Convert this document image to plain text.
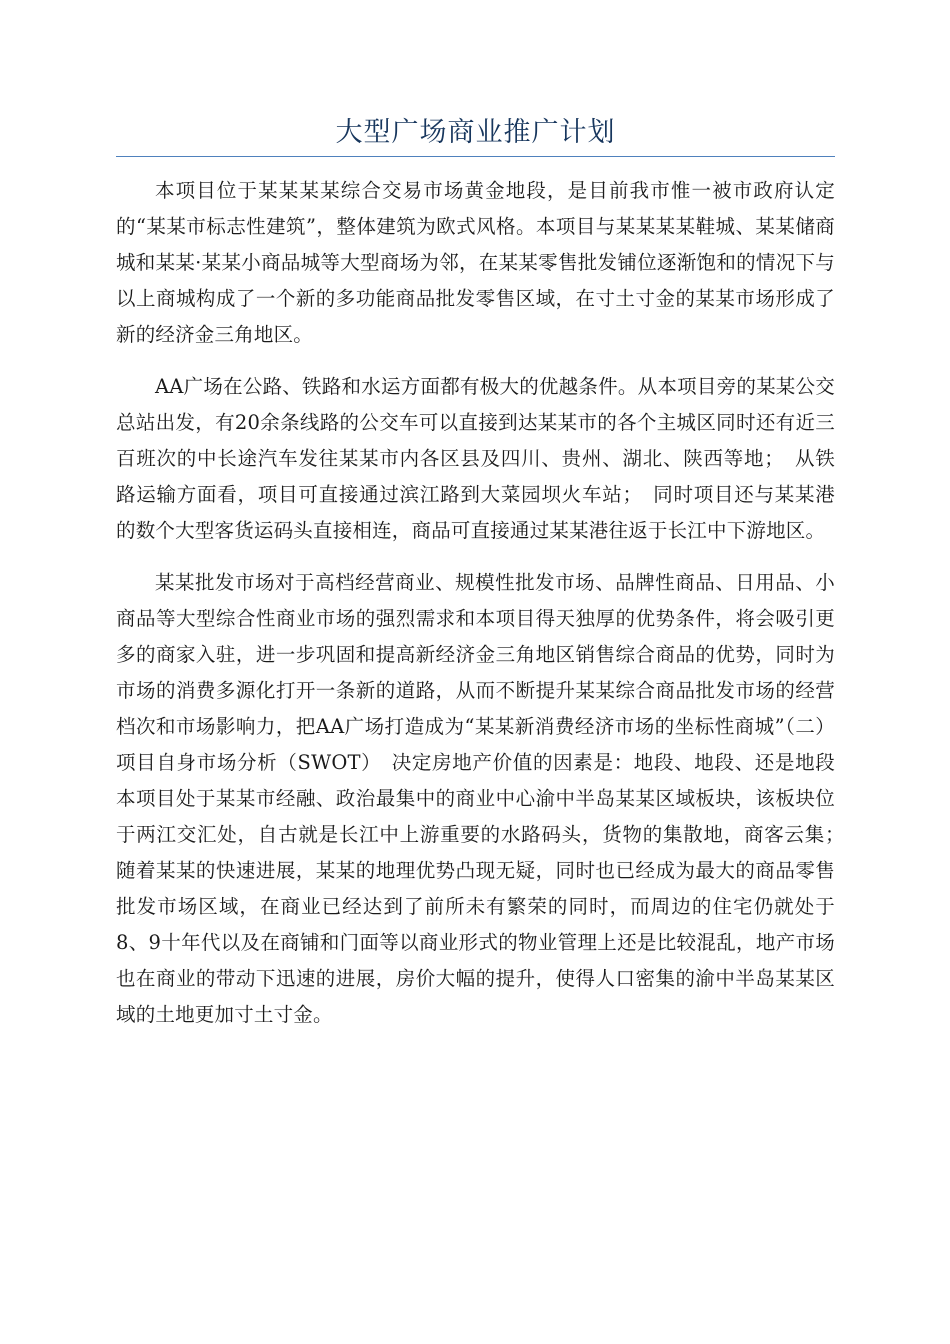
大型广场商业推广计划

本项目位于某某某某综合交易市场黄金地段，是目前我市惟一被市政府认定的“某某市标志性建筑”，整体建筑为欧式风格。本项目与某某某某鞋城、某某储商城和某某·某某小商品城等大型商场为邻，在某某零售批发铺位逐渐饱和的情况下与以上商城构成了一个新的多功能商品批发零售区域，在寸土寸金的某某市场形成了新的经济金三角地区。

AA广场在公路、铁路和水运方面都有极大的优越条件。从本项目旁的某某公交总站出发，有20余条线路的公交车可以直接到达某某市的各个主城区同时还有近三百班次的中长途汽车发往某某市内各区县及四川、贵州、湖北、陕西等地；　从铁路运输方面看，项目可直接通过滨江路到大菜园坝火车站；　同时项目还与某某港的数个大型客货运码头直接相连，商品可直接通过某某港往返于长江中下游地区。

某某批发市场对于高档经营商业、规模性批发市场、品牌性商品、日用品、小商品等大型综合性商业市场的强烈需求和本项目得天独厚的优势条件，将会吸引更多的商家入驻，进一步巩固和提高新经济金三角地区销售综合商品的优势，同时为市场的消费多源化打开一条新的道路，从而不断提升某某综合商品批发市场的经营档次和市场影响力，把AA广场打造成为“某某新消费经济市场的坐标性商城”（二）项目自身市场分析（SWOT）　决定房地产价值的因素是：地段、地段、还是地段本项目处于某某市经融、政治最集中的商业中心渝中半岛某某区域板块，该板块位于两江交汇处，自古就是长江中上游重要的水路码头，货物的集散地，商客云集；　随着某某的快速进展，某某的地理优势凸现无疑，同时也已经成为最大的商品零售批发市场区域，在商业已经达到了前所未有繁荣的同时，而周边的住宅仍就处于8、9十年代以及在商铺和门面等以商业形式的物业管理上还是比较混乱，地产市场也在商业的带动下迅速的进展，房价大幅的提升，使得人口密集的渝中半岛某某区域的土地更加寸土寸金。
